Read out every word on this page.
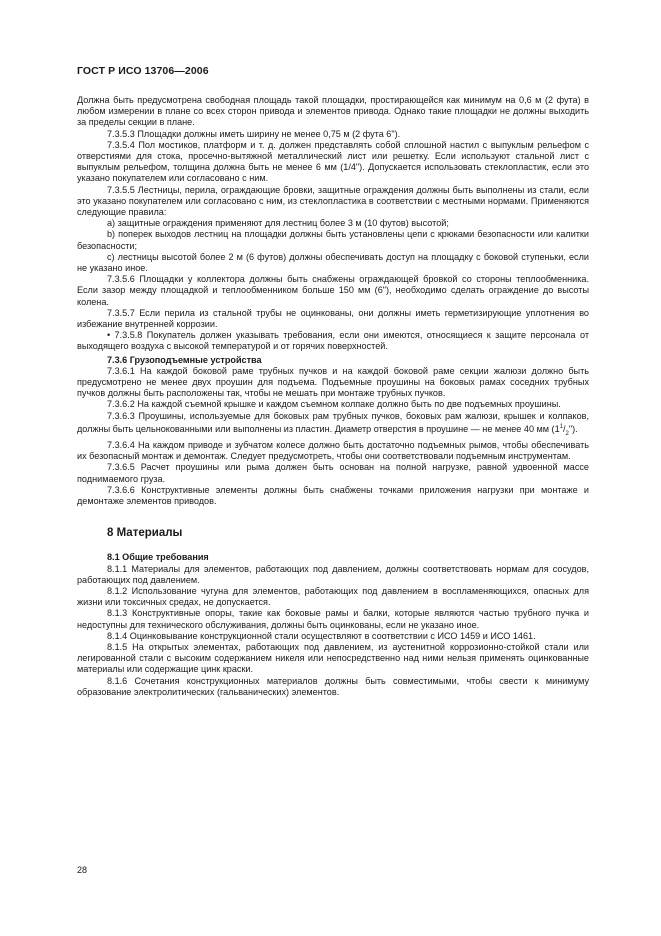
ГОСТ Р ИСО 13706—2006

Должна быть предусмотрена свободная площадь такой площадки, простирающейся как минимум на 0,6 м (2 фута) в любом измерении в плане со всех сторон привода и элементов привода. Однако такие площадки не должны выходить за пределы секции в плане.

7.3.5.3 Площадки должны иметь ширину не менее 0,75 м (2 фута 6").

7.3.5.4 Пол мостиков, платформ и т. д. должен представлять собой сплошной настил с выпуклым рельефом с отверстиями для стока, просечно-вытяжной металлический лист или решетку. Если используют стальной лист с выпуклым рельефом, толщина должна быть не менее 6 мм (1/4"). Допускается использовать стеклопластик, если это указано покупателем или согласовано с ним.

7.3.5.5 Лестницы, перила, ограждающие бровки, защитные ограждения должны быть выполнены из стали, если это указано покупателем или согласовано с ним, из стеклопластика в соответствии с местными нормами. Применяются следующие правила:

а) защитные ограждения применяют для лестниц более 3 м (10 футов) высотой;

b) поперек выходов лестниц на площадки должны быть установлены цепи с крюками безопасности или калитки безопасности;

c) лестницы высотой более 2 м (6 футов) должны обеспечивать доступ на площадку с боковой ступеньки, если не указано иное.

7.3.5.6 Площадки у коллектора должны быть снабжены ограждающей бровкой со стороны теплообменника. Если зазор между площадкой и теплообменником больше 150 мм (6"), необходимо сделать ограждение до высоты колена.

7.3.5.7 Если перила из стальной трубы не оцинкованы, они должны иметь герметизирующие уплотнения во избежание внутренней коррозии.

• 7.3.5.8 Покупатель должен указывать требования, если они имеются, относящиеся к защите персонала от выходящего воздуха с высокой температурой и от горячих поверхностей.

7.3.6 Грузоподъемные устройства

7.3.6.1 На каждой боковой раме трубных пучков и на каждой боковой раме секции жалюзи должно быть предусмотрено не менее двух проушин для подъема. Подъемные проушины на боковых рамах соседних трубных пучков должны быть расположены так, чтобы не мешать при монтаже трубных пучков.

7.3.6.2 На каждой съемной крышке и каждом съемном колпаке должно быть по две подъемных проушины.

7.3.6.3 Проушины, используемые для боковых рам трубных пучков, боковых рам жалюзи, крышек и колпаков, должны быть цельнокованными или выполнены из пластин. Диаметр отверстия в проушине — не менее 40 мм $(1^1/_2")$.

7.3.6.4 На каждом приводе и зубчатом колесе должно быть достаточно подъемных рымов, чтобы обеспечивать их безопасный монтаж и демонтаж. Следует предусмотреть, чтобы они соответствовали подъемным инструментам.

7.3.6.5 Расчет проушины или рыма должен быть основан на полной нагрузке, равной удвоенной массе поднимаемого груза.

7.3.6.6 Конструктивные элементы должны быть снабжены точками приложения нагрузки при монтаже и демонтаже элементов приводов.

8 Материалы

8.1 Общие требования

8.1.1 Материалы для элементов, работающих под давлением, должны соответствовать нормам для сосудов, работающих под давлением.

8.1.2 Использование чугуна для элементов, работающих под давлением в воспламеняющихся, опасных для жизни или токсичных средах, не допускается.

8.1.3 Конструктивные опоры, такие как боковые рамы и балки, которые являются частью трубного пучка и недоступны для технического обслуживания, должны быть оцинкованы, если не указано иное.

8.1.4 Оцинковывание конструкционной стали осуществляют в соответствии с ИСО 1459 и ИСО 1461.

8.1.5 На открытых элементах, работающих под давлением, из аустенитной коррозионно-стойкой стали или легированной стали с высоким содержанием никеля или непосредственно над ними нельзя применять оцинкованные материалы или содержащие цинк краски.

8.1.6 Сочетания конструкционных материалов должны быть совместимыми, чтобы свести к минимуму образование электролитических (гальванических) элементов.

28
